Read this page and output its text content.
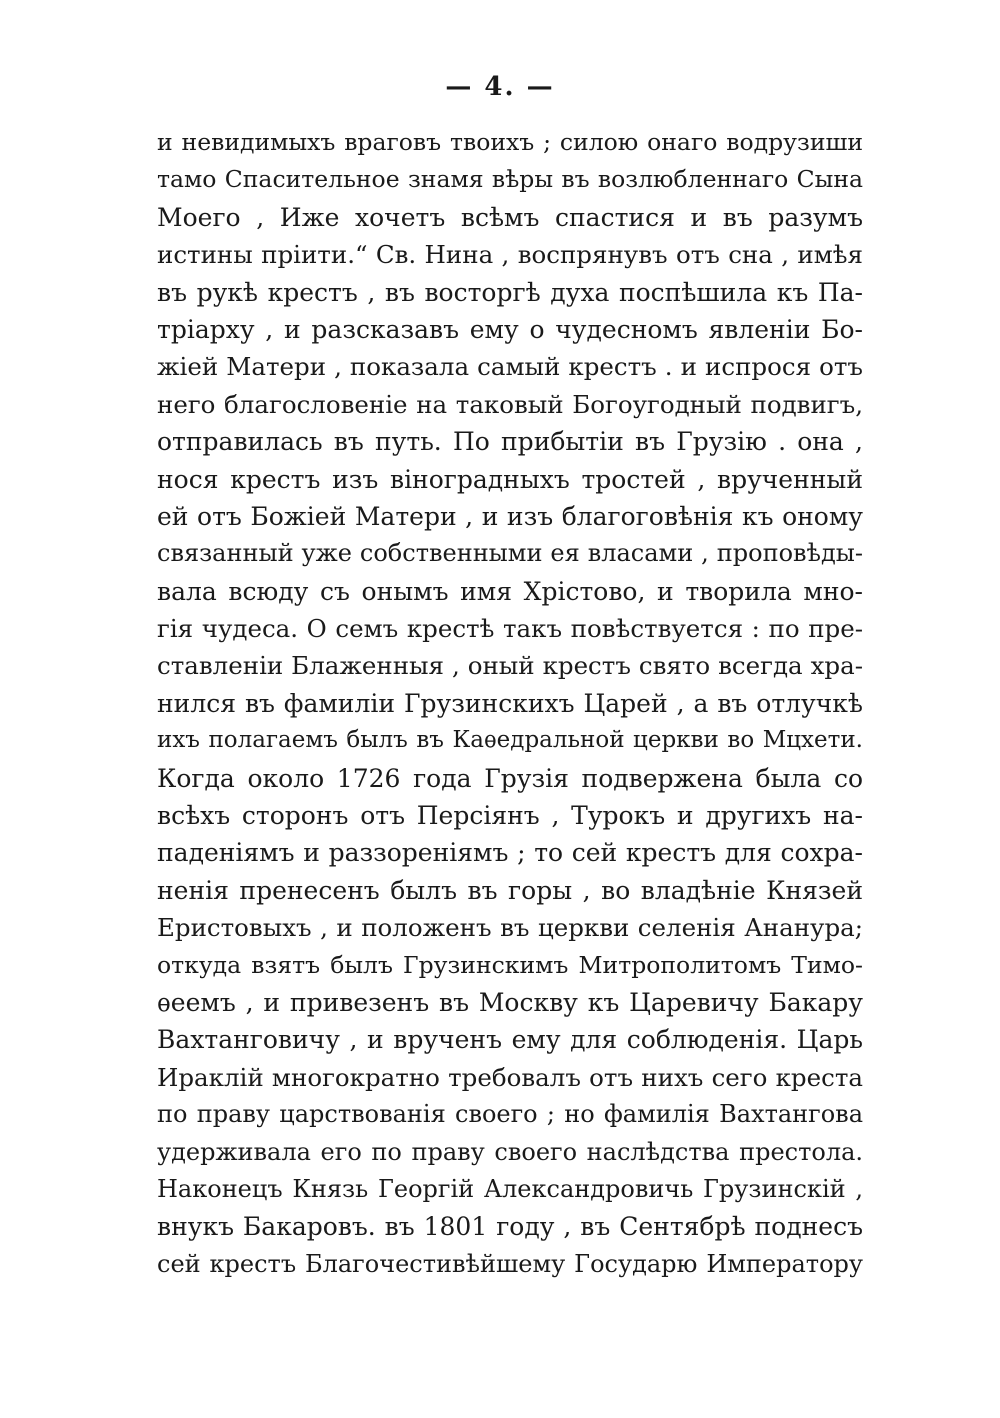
— 4. —
и невидимыхъ враговъ твоихъ ; силою онаго водрузиши
тамо Спасительное знамя вѣры въ возлюбленнаго Сына
Моего , Иже хочетъ всѣмъ спастися и въ разумъ
истины пріити.“ Св. Нина , воспрянувъ отъ сна , имѣя
въ рукѣ крестъ , въ восторгѣ духа поспѣшила къ Па-
тріарху , и разсказавъ ему о чудесномъ явленіи Бо-
жіей Матери , показала самый крестъ . и испрося отъ
него благословеніе на таковый Богоугодный подвигъ,
отправилась въ путь. По прибытіи въ Грузію . она ,
нося крестъ изъ віноградныхъ тростей , врученный
ей отъ Божіей Матери , и изъ благоговѣнія къ оному
связанный уже собственными ея власами , проповѣды-
вала всюду съ онымъ имя Хрістово, и творила мно-
гія чудеса. О семъ крестѣ такъ повѣствуется : по пре-
ставленіи Блаженныя , оный крестъ свято всегда хра-
нился въ фамиліи Грузинскихъ Царей , а въ отлучкѣ
ихъ полагаемъ былъ въ Каѳедральной церкви во Мцхети.
Когда около 1726 года Грузія подвержена была со
всѣхъ сторонъ отъ Персіянъ , Турокъ и другихъ на-
паденіямъ и раззореніямъ ; то сей крестъ для сохра-
ненія пренесенъ былъ въ горы , во владѣніе Князей
Еристовыхъ , и положенъ въ церкви селенія Ананура;
откуда взятъ былъ Грузинскимъ Митрополитомъ Тимо-
ѳеемъ , и привезенъ въ Москву къ Царевичу Бакару
Вахтанговичу , и врученъ ему для соблюденія. Царь
Ираклій многократно требовалъ отъ нихъ сего креста
по праву царствованія своего ; но фамилія Вахтангова
удерживала его по праву своего наслѣдства престола.
Наконецъ Князь Георгій Александровичь Грузинскій ,
внукъ Бакаровъ. въ 1801 году , въ Сентябрѣ поднесъ
сей крестъ Благочестивѣйшему Государю Императору
